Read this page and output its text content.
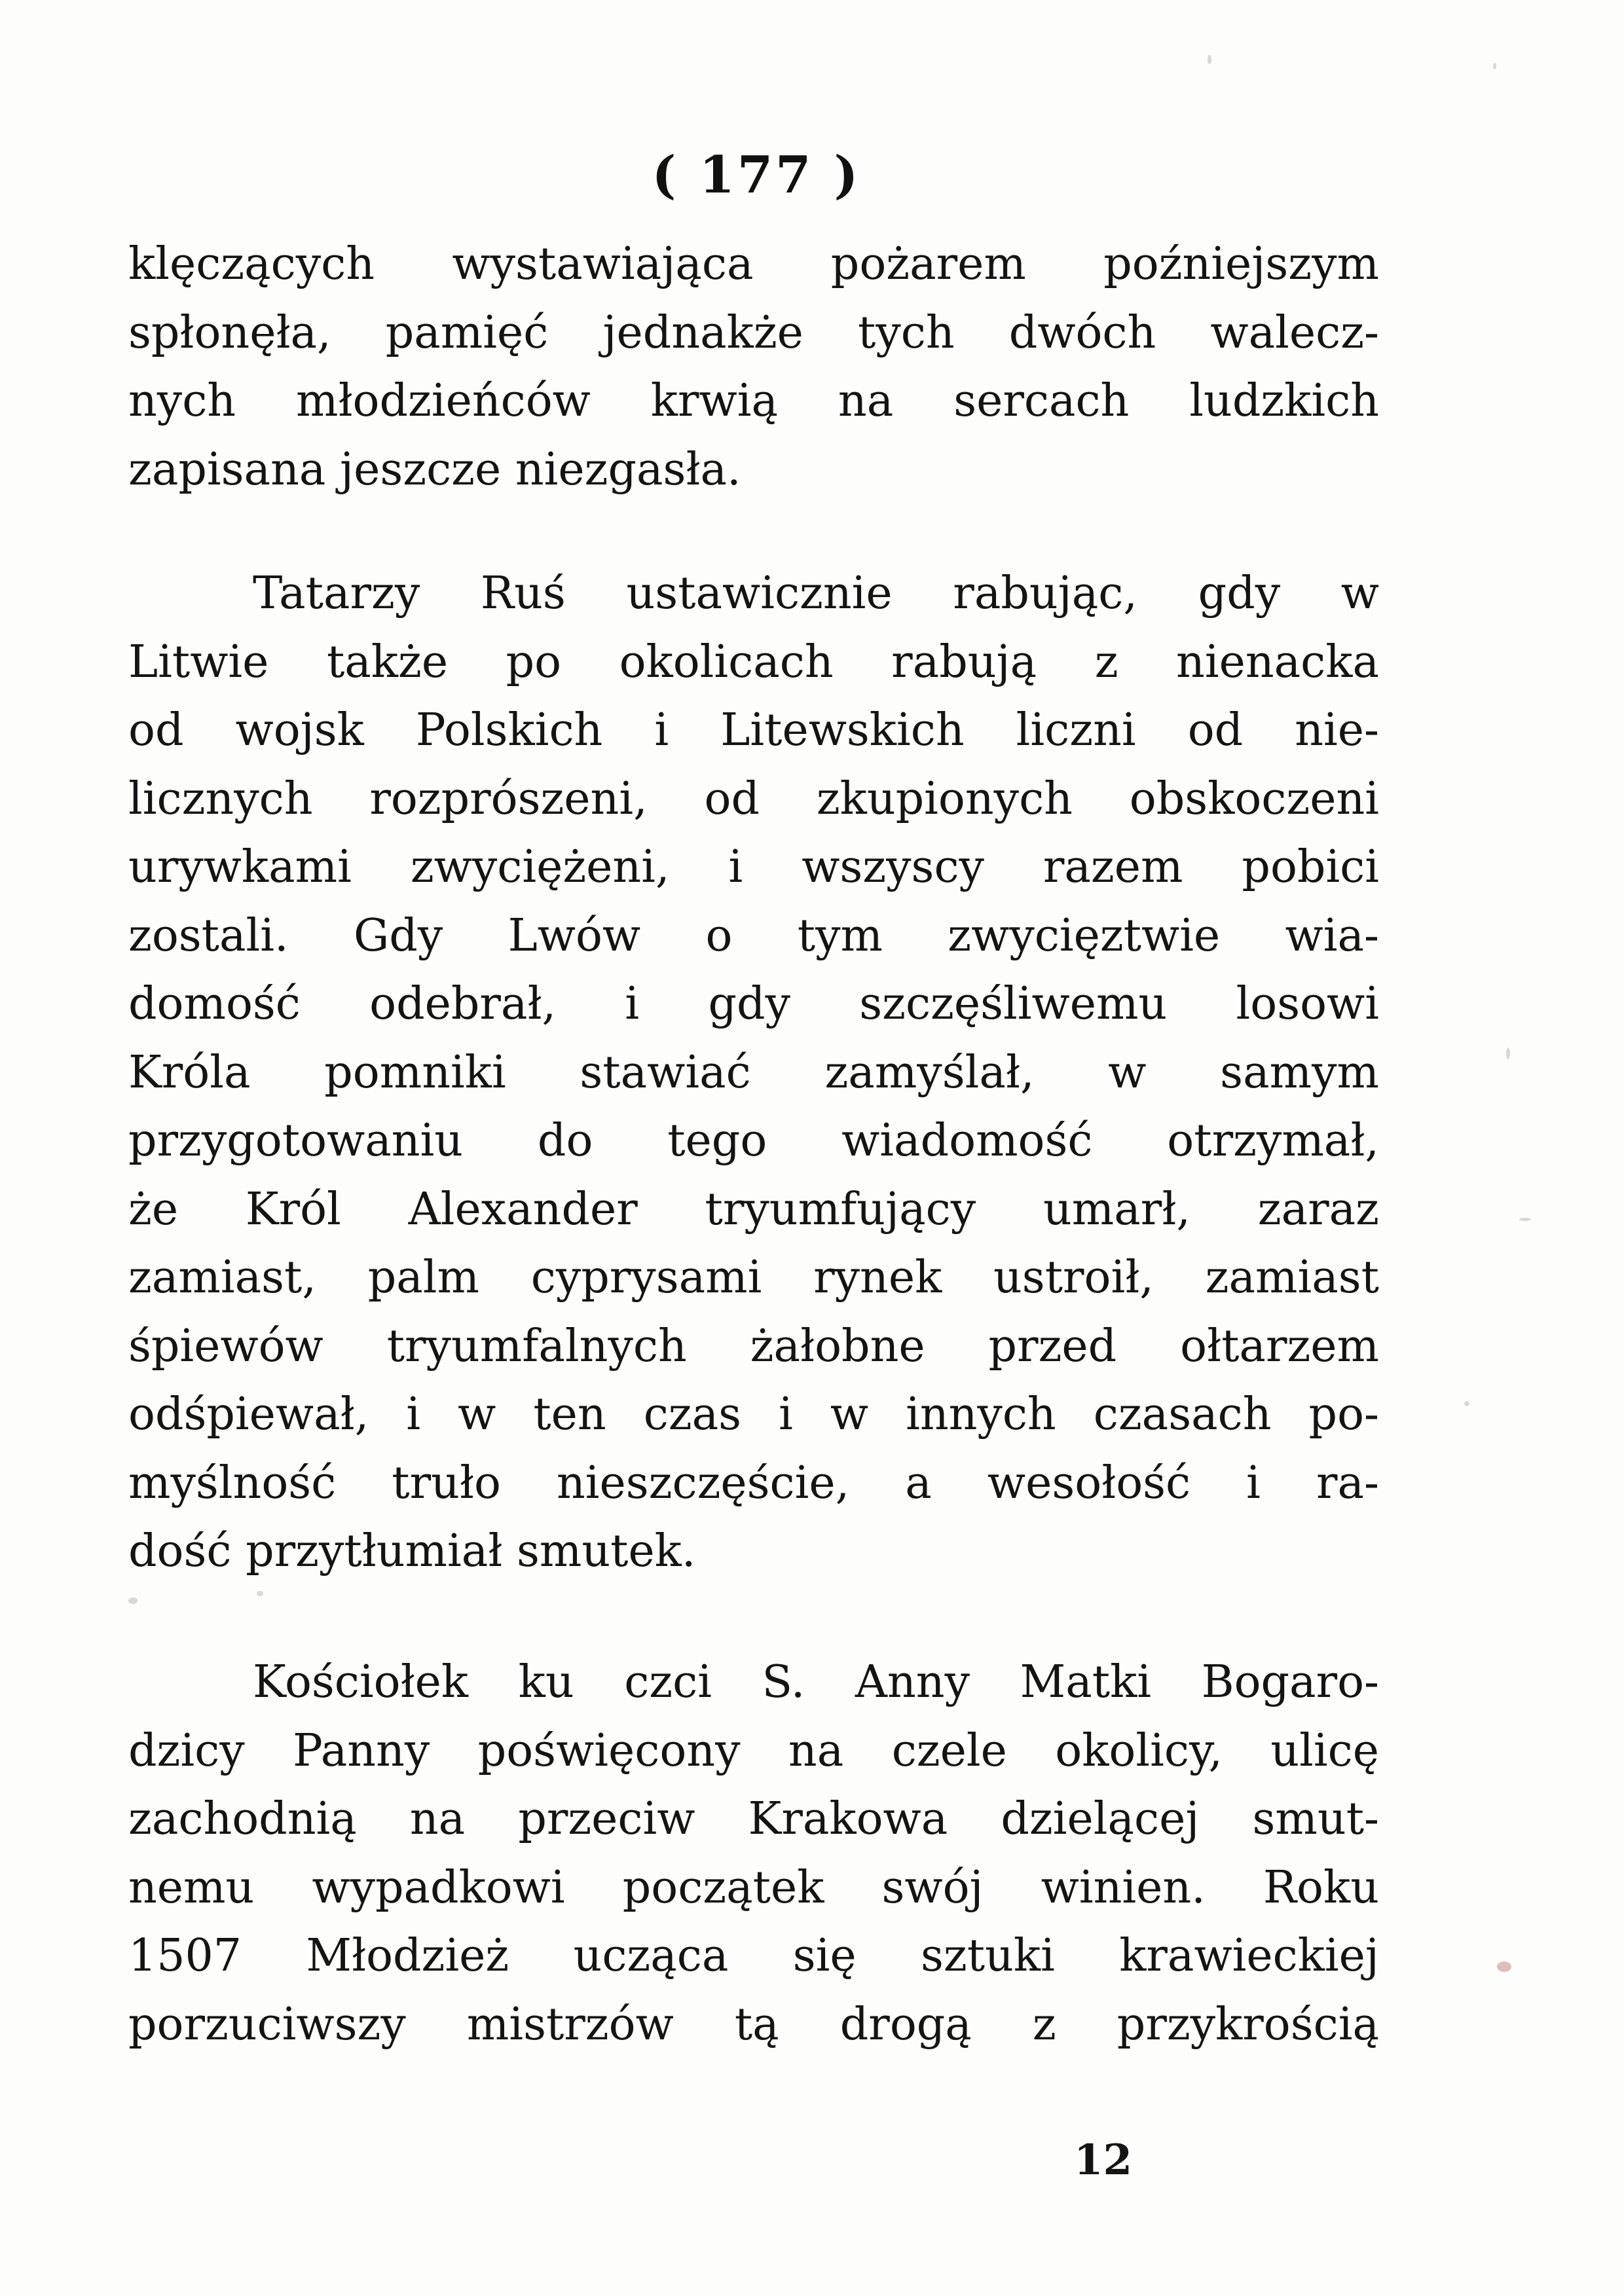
( 177 )
klęczących wystawiająca pożarem poźniejszym
spłonęła, pamięć jednakże tych dwóch walecz-
nych młodzieńców krwią na sercach ludzkich
zapisana jeszcze niezgasła.
Tatarzy Ruś ustawicznie rabując, gdy w
Litwie także po okolicach rabują z nienacka
od wojsk Polskich i Litewskich liczni od nie-
licznych rozprószeni, od zkupionych obskoczeni
urywkami zwyciężeni, i wszyscy razem pobici
zostali. Gdy Lwów o tym zwycięztwie wia-
domość odebrał, i gdy szczęśliwemu losowi
Króla pomniki stawiać zamyślał, w samym
przygotowaniu do tego wiadomość otrzymał,
że Król Alexander tryumfujący umarł, zaraz
zamiast, palm cyprysami rynek ustroił, zamiast
śpiewów tryumfalnych żałobne przed ołtarzem
odśpiewał, i w ten czas i w innych czasach po-
myślność truło nieszczęście, a wesołość i ra-
dość przytłumiał smutek.
Kościołek ku czci S. Anny Matki Bogaro-
dzicy Panny poświęcony na czele okolicy, ulicę
zachodnią na przeciw Krakowa dzielącej smut-
nemu wypadkowi początek swój winien. Roku
1507 Młodzież ucząca się sztuki krawieckiej
porzuciwszy mistrzów tą drogą z przykrością
12
